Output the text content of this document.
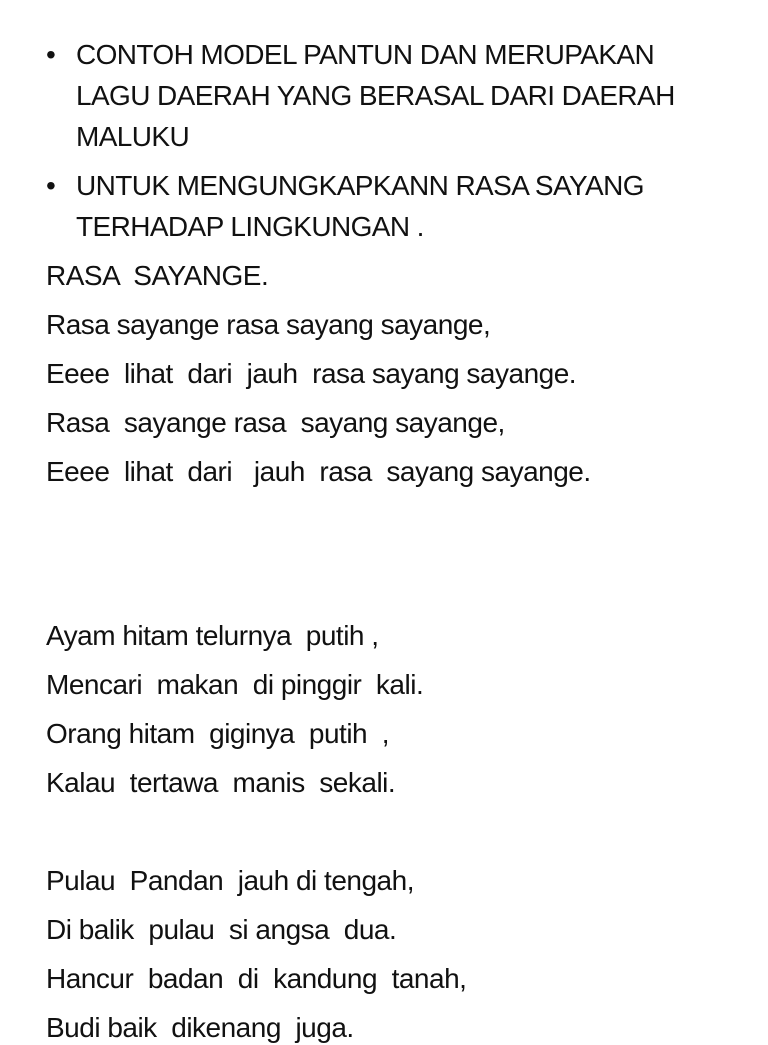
• CONTOH MODEL PANTUN DAN MERUPAKAN
LAGU DAERAH YANG BERASAL DARI DAERAH
MALUKU
• UNTUK MENGUNGKAPKANN RASA SAYANG
TERHADAP LINGKUNGAN .
RASA  SAYANGE.
Rasa sayange rasa sayang sayange,
Eeee  lihat  dari  jauh  rasa sayang sayange.
Rasa  sayange rasa  sayang sayange,
Eeee  lihat  dari   jauh  rasa  sayang sayange.
Ayam hitam telurnya  putih ,
Mencari  makan  di pinggir  kali.
Orang hitam  giginya  putih  ,
Kalau  tertawa  manis  sekali.
Pulau  Pandan  jauh di tengah,
Di balik  pulau  si angsa  dua.
Hancur  badan  di  kandung  tanah,
Budi baik  dikenang  juga.
